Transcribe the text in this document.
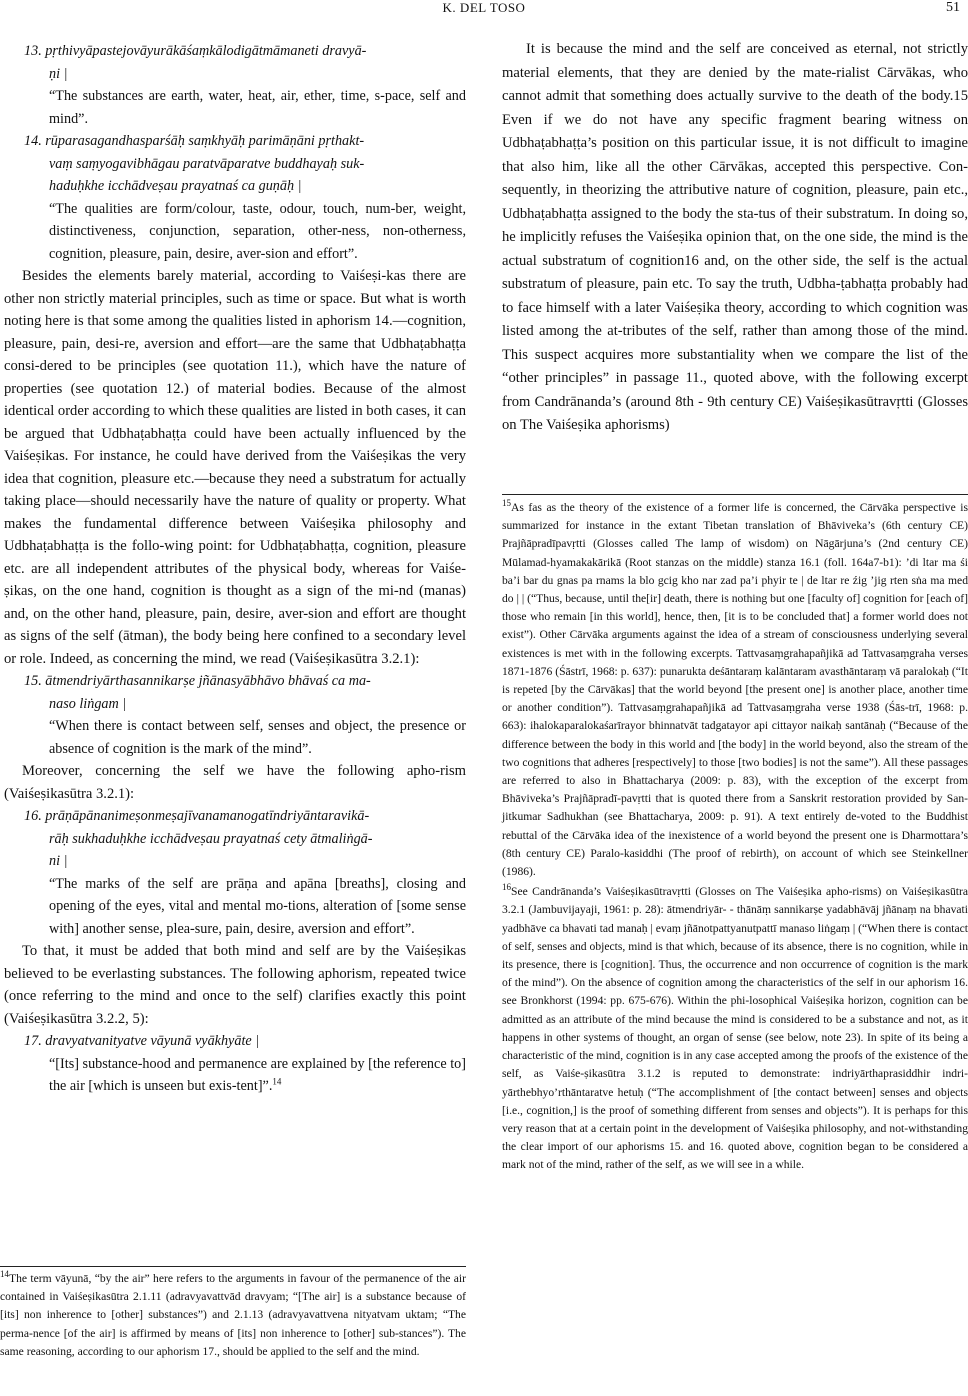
K. DEL TOSO	51

13. pṛthivyāpastejovāyurākāśaṃkālodigātmāmaneti dravyā-
ṇi |

“The substances are earth, water, heat, air, ether, time, s-pace, self and mind”.

14. rūparasagandhasparśāḥ saṃkhyāḥ parimāṇāni pṛthakt-
vaṃ saṃyogavibhāgau paratvāparatve buddhayaḥ suk-
haduḥkhe icchādveṣau prayatnaś ca guṇāḥ |

“The qualities are form/colour, taste, odour, touch, num-ber, weight, distinctiveness, conjunction, separation, other-ness, non-otherness, cognition, pleasure, pain, desire, aver-sion and effort”.

Besides the elements barely material, according to Vaiśeṣi-kas there are other non strictly material principles, such as time or space. But what is worth noting here is that some among the qualities listed in aphorism 14.—cognition, pleasure, pain, desi-re, aversion and effort—are the same that Udbhaṭabhaṭṭa consi-dered to be principles (see quotation 11.), which have the nature of properties (see quotation 12.) of material bodies. Because of the almost identical order according to which these qualities are listed in both cases, it can be argued that Udbhaṭabhaṭṭa could have been actually influenced by the Vaiśeṣikas. For instance, he could have derived from the Vaiśeṣikas the very idea that cognition, pleasure etc.—because they need a substratum for actually taking place—should necessarily have the nature of quality or property. What makes the fundamental difference between Vaiśeṣika philosophy and Udbhaṭabhaṭṭa is the follo-wing point: for Udbhaṭabhaṭṭa, cognition, pleasure etc. are all independent attributes of the physical body, whereas for Vaiśe-ṣikas, on the one hand, cognition is thought as a sign of the mi-nd (manas) and, on the other hand, pleasure, pain, desire, aver-sion and effort are thought as signs of the self (ātman), the body being here confined to a secondary level or role. Indeed, as concerning the mind, we read (Vaiśeṣikasūtra 3.2.1):

15. ātmendriyārthasannikarṣe jñānasyābhāvo bhāvaś ca ma-
naso liṅgam |

“When there is contact between self, senses and object, the presence or absence of cognition is the mark of the mind”.

Moreover, concerning the self we have the following apho-rism (Vaiśeṣikasūtra 3.2.1):

16. prāṇāpānanimeṣonmeṣajīvanamanogatīndriyāntaravikā-
rāḥ sukhaduḥkhe icchādveṣau prayatnaś cety ātmaliṅgā-
ni |

“The marks of the self are prāṇa and apāna [breaths], closing and opening of the eyes, vital and mental mo-tions, alteration of [some sense with] another sense, plea-sure, pain, desire, aversion and effort”.

To that, it must be added that both mind and self are by the Vaiśeṣikas believed to be everlasting substances. The following aphorism, repeated twice (once referring to the mind and once to the self) clarifies exactly this point (Vaiśeṣikasūtra 3.2.2, 5):

17. dravyatvanityatve vāyunā vyākhyāte |

“[Its] substance-hood and permanence are explained by [the reference to] the air [which is unseen but exis-tent]”.$^{14}$

$^{14}$The term vāyunā, “by the air” here refers to the arguments in favour of the permanence of the air contained in Vaiśeṣikasūtra 2.1.11 (adravyavattvād dravyam; “[The air] is a substance because of [its] non inherence to [other] substances”) and 2.1.13 (adravyavattvena nityatvam uktam; “The perma-nence [of the air] is affirmed by means of [its] non inherence to [other] sub-stances”). The same reasoning, according to our aphorism 17., should be applied to the self and the mind.

It is because the mind and the self are conceived as eternal, not strictly material elements, that they are denied by the mate-rialist Cārvākas, who cannot admit that something does actually survive to the death of the body.15 Even if we do not have any specific fragment bearing witness on Udbhaṭabhaṭṭa’s position on this particular issue, it is not difficult to imagine that also him, like all the other Cārvākas, accepted this perspective. Con-sequently, in theorizing the attributive nature of cognition, pleasure, pain etc., Udbhaṭabhaṭṭa assigned to the body the sta-tus of their substratum. In doing so, he implicitly refuses the Vaiśeṣika opinion that, on the one side, the mind is the actual substratum of cognition16 and, on the other side, the self is the actual substratum of pleasure, pain etc. To say the truth, Udbha-ṭabhaṭṭa probably had to face himself with a later Vaiśeṣika theory, according to which cognition was listed among the at-tributes of the self, rather than among those of the mind. This suspect acquires more substantiality when we compare the list of the “other principles” in passage 11., quoted above, with the following excerpt from Candrānanda’s (around 8th - 9th century CE) Vaiśeṣikasūtravṛtti (Glosses on The Vaiśeṣika aphorisms)

$^{15}$As fas as the theory of the existence of a former life is concerned, the Cārvāka perspective is summarized for instance in the extant Tibetan translation of Bhāviveka’s (6th century CE) Prajñāpradīpavṛtti (Glosses called The lamp of wisdom) on Nāgārjuna’s (2nd century CE) Mūlamad-hyamakakārikā (Root stanzas on the middle) stanza 16.1 (foll. 164a7-b1): ’di ltar ma śi ba’i bar du gnas pa rnams la blo gcig kho nar zad pa’i phyir te | de ltar re źig ’jig rten sṅa ma med do | | (“Thus, because, until the[ir] death, there is nothing but one [faculty of] cognition for [each of] those who remain [in this world], hence, then, [it is to be concluded that] a former world does not exist”). Other Cārvāka arguments against the idea of a stream of consciousness underlying several existences is met with in the following excerpts. Tattvasaṃgrahapañjikā ad Tattvasaṃgraha verses 1871-1876 (Śāstrī, 1968: p. 637): punarukta deśāntaraṃ kalāntaram avasthāntaraṃ vā paralokaḥ (“It is repeted [by the Cārvākas] that the world beyond [the present one] is another place, another time or another condition”). Tattvasaṃgrahapañjikā ad Tattvasaṃgraha verse 1938 (Śās-trī, 1968: p. 663): ihalokaparalokaśarīrayor bhinnatvāt tadgatayor api cittayor naikaḥ santānaḥ (“Because of the difference between the body in this world and [the body] in the world beyond, also the stream of the two cognitions that adheres [respectively] to those [two bodies] is not the same”). All these passages are referred to also in Bhattacharya (2009: p. 83), with the exception of the excerpt from Bhāviveka’s Prajñāpradī-pavṛtti that is quoted there from a Sanskrit restoration provided by San-jitkumar Sadhukhan (see Bhattacharya, 2009: p. 91). A text entirely de-voted to the Buddhist rebuttal of the Cārvāka idea of the inexistence of a world beyond the present one is Dharmottara’s (8th century CE) Paralo-kasiddhi (The proof of rebirth), on account of which see Steinkellner (1986).

$^{16}$See Candrānanda’s Vaiśeṣikasūtravṛtti (Glosses on The Vaiśeṣika apho-risms) on Vaiśeṣikasūtra 3.2.1 (Jambuvijayaji, 1961: p. 28): ātmendriyār- - thānāṃ sannikarṣe yadabhāvāj jñānaṃ na bhavati yadbhāve ca bhavati tad manaḥ | evaṃ jñānotpattyanutpattī manaso liṅgaṃ | (“When there is contact of self, senses and objects, mind is that which, because of its absence, there is no cognition, while in its presence, there is [cognition]. Thus, the occurrence and non occurrence of cognition is the mark of the mind”). On the absence of cognition among the characteristics of the self in our aphorism 16. see Bronkhorst (1994: pp. 675-676). Within the phi-losophical Vaiśeṣika horizon, cognition can be admitted as an attribute of the mind because the mind is considered to be a substance and not, as it happens in other systems of thought, an organ of sense (see below, note 23). In spite of its being a characteristic of the mind, cognition is in any case accepted among the proofs of the existence of the self, as Vaiśe-ṣikasūtra 3.1.2 is reputed to demonstrate: indriyārthaprasiddhir indri-yārthebhyo’rthāntaratve hetuḥ (“The accomplishment of [the contact between] senses and objects [i.e., cognition,] is the proof of something different from senses and objects”). It is perhaps for this very reason that at a certain point in the development of Vaiśeṣika philosophy, and not-withstanding the clear import of our aphorisms 15. and 16. quoted above, cognition began to be considered a mark not of the mind, rather of the self, as we will see in a while.
